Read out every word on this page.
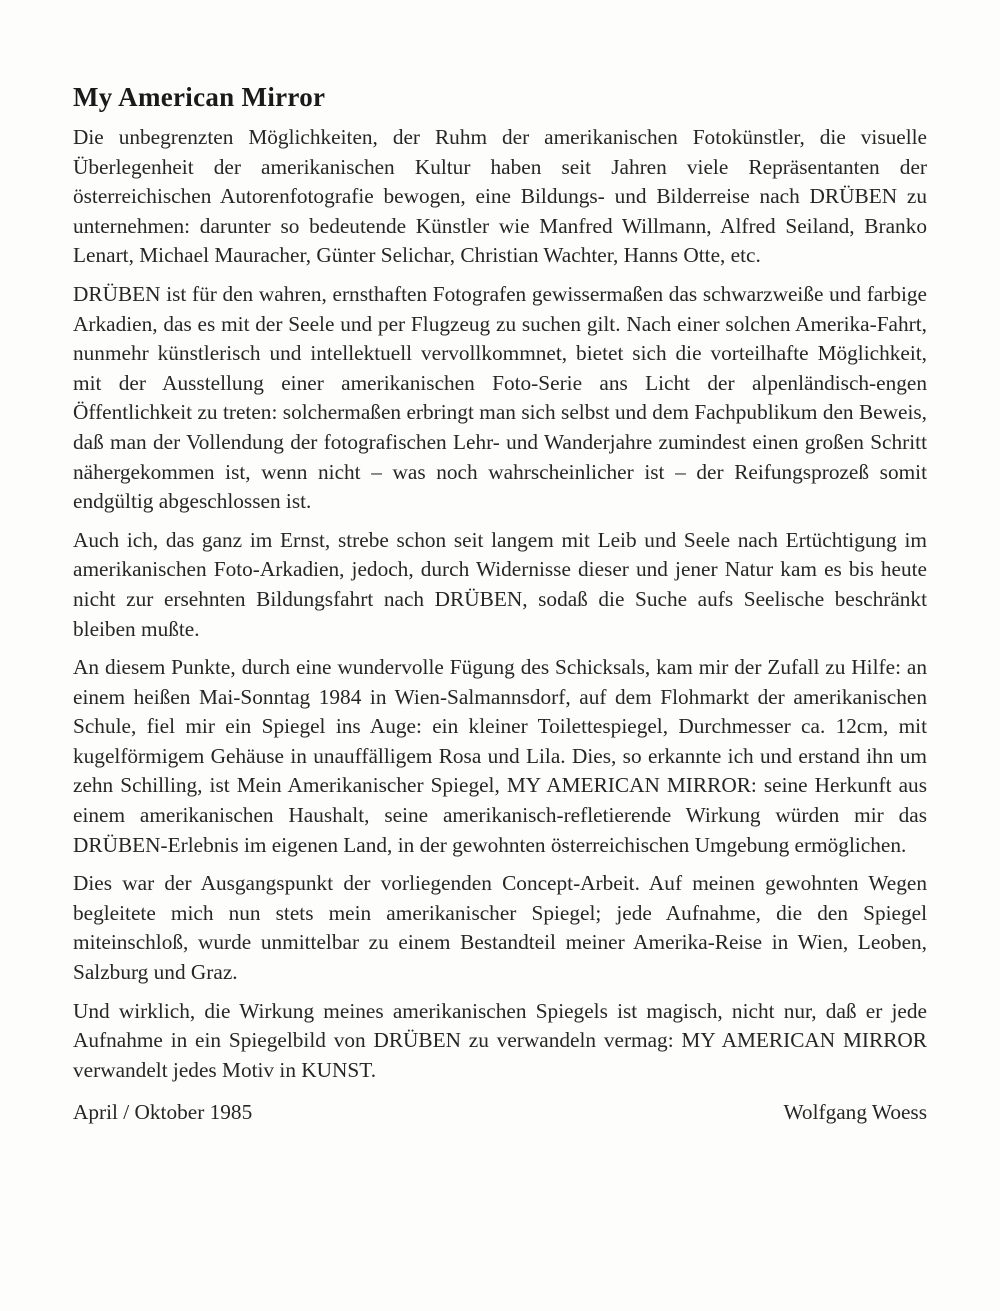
My American Mirror

Die unbegrenzten Möglichkeiten, der Ruhm der amerikanischen Fotokünstler, die visuelle Überlegenheit der amerikanischen Kultur haben seit Jahren viele Repräsentanten der österreichischen Autorenfotografie bewogen, eine Bildungs- und Bilderreise nach DRÜBEN zu unternehmen: darunter so bedeutende Künstler wie Manfred Willmann, Alfred Seiland, Branko Lenart, Michael Mauracher, Günter Selichar, Christian Wachter, Hanns Otte, etc.

DRÜBEN ist für den wahren, ernsthaften Fotografen gewissermaßen das schwarzweiße und farbige Arkadien, das es mit der Seele und per Flugzeug zu suchen gilt. Nach einer solchen Amerika-Fahrt, nunmehr künstlerisch und intellektuell vervollkommnet, bietet sich die vorteilhafte Möglichkeit, mit der Ausstellung einer amerikanischen Foto-Serie ans Licht der alpenländisch-engen Öffentlichkeit zu treten: solchermaßen erbringt man sich selbst und dem Fachpublikum den Beweis, daß man der Vollendung der fotografischen Lehr- und Wanderjahre zumindest einen großen Schritt nähergekommen ist, wenn nicht – was noch wahrscheinlicher ist – der Reifungsprozeß somit endgültig abgeschlossen ist.

Auch ich, das ganz im Ernst, strebe schon seit langem mit Leib und Seele nach Ertüchtigung im amerikanischen Foto-Arkadien, jedoch, durch Widernisse dieser und jener Natur kam es bis heute nicht zur ersehnten Bildungsfahrt nach DRÜBEN, sodaß die Suche aufs Seelische beschränkt bleiben mußte.

An diesem Punkte, durch eine wundervolle Fügung des Schicksals, kam mir der Zufall zu Hilfe: an einem heißen Mai-Sonntag 1984 in Wien-Salmannsdorf, auf dem Flohmarkt der amerikanischen Schule, fiel mir ein Spiegel ins Auge: ein kleiner Toilettespiegel, Durchmesser ca. 12cm, mit kugelförmigem Gehäuse in unauffälligem Rosa und Lila. Dies, so erkannte ich und erstand ihn um zehn Schilling, ist Mein Amerikanischer Spiegel, MY AMERICAN MIRROR: seine Herkunft aus einem amerikanischen Haushalt, seine amerikanisch-refletierende Wirkung würden mir das DRÜBEN-Erlebnis im eigenen Land, in der gewohnten österreichischen Umgebung ermöglichen.

Dies war der Ausgangspunkt der vorliegenden Concept-Arbeit. Auf meinen gewohnten Wegen begleitete mich nun stets mein amerikanischer Spiegel; jede Aufnahme, die den Spiegel miteinschloß, wurde unmittelbar zu einem Bestandteil meiner Amerika-Reise in Wien, Leoben, Salzburg und Graz.

Und wirklich, die Wirkung meines amerikanischen Spiegels ist magisch, nicht nur, daß er jede Aufnahme in ein Spiegelbild von DRÜBEN zu verwandeln vermag: MY AMERICAN MIRROR verwandelt jedes Motiv in KUNST.

April / Oktober 1985	Wolfgang Woess
